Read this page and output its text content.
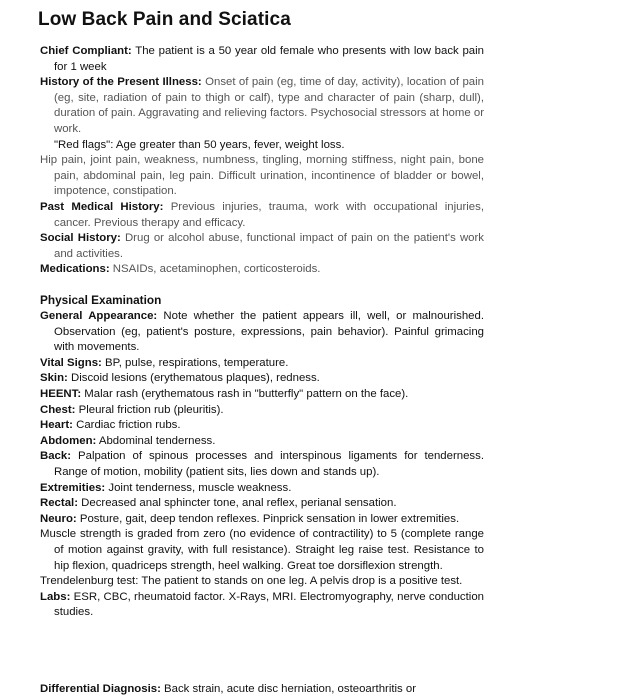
Low Back Pain and Sciatica
Chief Compliant: The patient is a 50 year old female who presents with low back pain for 1 week
History of the Present Illness: Onset of pain (eg, time of day, activity), location of pain (eg, site, radiation of pain to thigh or calf), type and character of pain (sharp, dull), duration of pain. Aggravating and relieving factors. Psychosocial stressors at home or work.
"Red flags": Age greater than 50 years, fever, weight loss.
Hip pain, joint pain, weakness, numbness, tingling, morning stiffness, night pain, bone pain, abdominal pain, leg pain. Difficult urination, incontinence of bladder or bowel, impotence, constipation.
Past Medical History: Previous injuries, trauma, work with occupational injuries, cancer. Previous therapy and efficacy.
Social History: Drug or alcohol abuse, functional impact of pain on the patient's work and activities.
Medications: NSAIDs, acetaminophen, corticosteroids.
Physical Examination
General Appearance: Note whether the patient appears ill, well, or malnourished. Observation (eg, patient's posture, expressions, pain behavior). Painful grimacing with movements.
Vital Signs: BP, pulse, respirations, temperature.
Skin: Discoid lesions (erythematous plaques), redness.
HEENT: Malar rash (erythematous rash in "butterfly" pattern on the face).
Chest: Pleural friction rub (pleuritis).
Heart: Cardiac friction rubs.
Abdomen: Abdominal tenderness.
Back: Palpation of spinous processes and interspinous ligaments for tenderness. Range of motion, mobility (patient sits, lies down and stands up).
Extremities: Joint tenderness, muscle weakness.
Rectal: Decreased anal sphincter tone, anal reflex, perianal sensation.
Neuro: Posture, gait, deep tendon reflexes. Pinprick sensation in lower extremities.
Muscle strength is graded from zero (no evidence of contractility) to 5 (complete range of motion against gravity, with full resistance). Straight leg raise test. Resistance to hip flexion, quadriceps strength, heel walking. Great toe dorsiflexion strength.
Trendelenburg test: The patient to stands on one leg. A pelvis drop is a positive test.
Labs: ESR, CBC, rheumatoid factor. X-Rays, MRI. Electromyography, nerve conduction studies.
Differential Diagnosis: Back strain, acute disc herniation, osteoarthritis or
